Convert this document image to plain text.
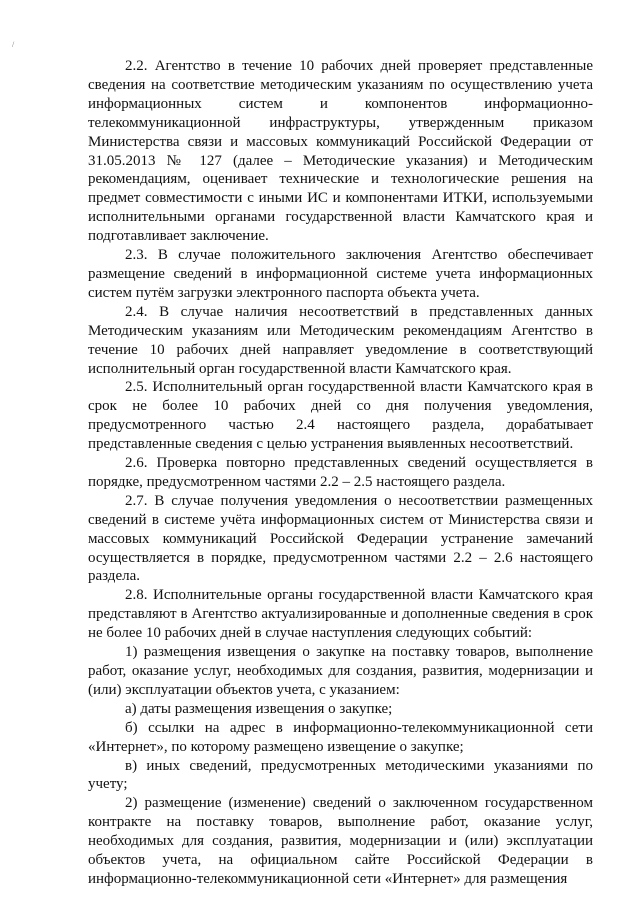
/

2.2. Агентство в течение 10 рабочих дней проверяет представленные сведения на соответствие методическим указаниям по осуществлению учета информационных систем и компонентов информационно-телекоммуникационной инфраструктуры, утвержденным приказом Министерства связи и массовых коммуникаций Российской Федерации от 31.05.2013 № 127 (далее – Методические указания) и Методическим рекомендациям, оценивает технические и технологические решения на предмет совместимости с иными ИС и компонентами ИТКИ, используемыми исполнительными органами государственной власти Камчатского края и подготавливает заключение.

2.3. В случае положительного заключения Агентство обеспечивает размещение сведений в информационной системе учета информационных систем путём загрузки электронного паспорта объекта учета.

2.4. В случае наличия несоответствий в представленных данных Методическим указаниям или Методическим рекомендациям Агентство в течение 10 рабочих дней направляет уведомление в соответствующий исполнительный орган государственной власти Камчатского края.

2.5. Исполнительный орган государственной власти Камчатского края в срок не более 10 рабочих дней со дня получения уведомления, предусмотренного частью 2.4 настоящего раздела, дорабатывает представленные сведения с целью устранения выявленных несоответствий.

2.6. Проверка повторно представленных сведений осуществляется в порядке, предусмотренном частями 2.2 – 2.5 настоящего раздела.

2.7. В случае получения уведомления о несоответствии размещенных сведений в системе учёта информационных систем от Министерства связи и массовых коммуникаций Российской Федерации устранение замечаний осуществляется в порядке, предусмотренном частями 2.2 – 2.6 настоящего раздела.

2.8. Исполнительные органы государственной власти Камчатского края представляют в Агентство актуализированные и дополненные сведения в срок не более 10 рабочих дней в случае наступления следующих событий:

1) размещения извещения о закупке на поставку товаров, выполнение работ, оказание услуг, необходимых для создания, развития, модернизации и (или) эксплуатации объектов учета, с указанием:

а) даты размещения извещения о закупке;

б) ссылки на адрес в информационно-телекоммуникационной сети «Интернет», по которому размещено извещение о закупке;

в) иных сведений, предусмотренных методическими указаниями по учету;

2) размещение (изменение) сведений о заключенном государственном контракте на поставку товаров, выполнение работ, оказание услуг, необходимых для создания, развития, модернизации и (или) эксплуатации объектов учета, на официальном сайте Российской Федерации в информационно-телекоммуникационной сети «Интернет» для размещения
